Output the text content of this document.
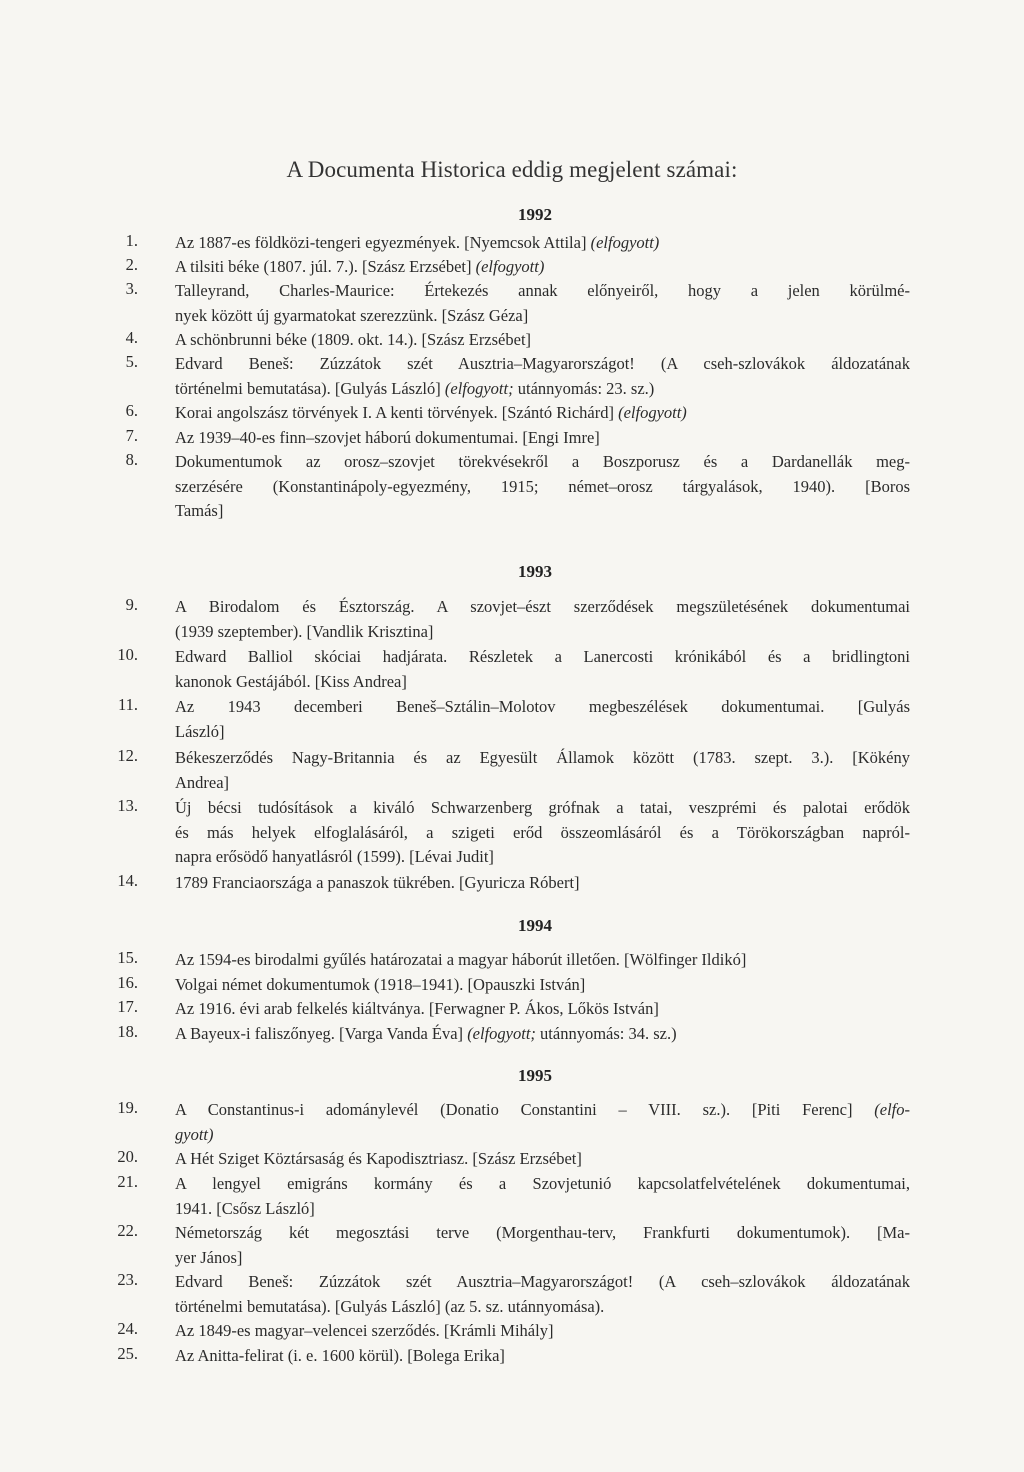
A Documenta Historica eddig megjelent számai:
1992
1. Az 1887-es földközi-tengeri egyezmények. [Nyemcsok Attila] (elfogyott)
2. A tilsiti béke (1807. júl. 7.). [Szász Erzsébet] (elfogyott)
3. Talleyrand, Charles-Maurice: Értekezés annak előnyeiről, hogy a jelen körülmé-
nyek között új gyarmatokat szerezzünk. [Szász Géza]
4. A schönbrunni béke (1809. okt. 14.). [Szász Erzsébet]
5. Edvard Beneš: Zúzzátok szét Ausztria–Magyarországot! (A cseh-szlovákok áldozatának
történelmi bemutatása). [Gulyás László] (elfogyott; utánnyomás: 23. sz.)
6. Korai angolszász törvények I. A kenti törvények. [Szántó Richárd] (elfogyott)
7. Az 1939–40-es finn–szovjet háború dokumentumai. [Engi Imre]
8. Dokumentumok az orosz–szovjet törekvésekről a Boszporusz és a Dardanellák meg-
szerzésére (Konstantinápoly-egyezmény, 1915; német–orosz tárgyalások, 1940). [Boros
Tamás]
1993
9. A Birodalom és Észtország. A szovjet–észt szerződések megszületésének dokumentumai
(1939 szeptember). [Vandlik Krisztina]
10. Edward Balliol skóciai hadjárata. Részletek a Lanercosti krónikából és a bridlingtoni
kanonok Gestájából. [Kiss Andrea]
11. Az 1943 decemberi Beneš–Sztálin–Molotov megbeszélések dokumentumai. [Gulyás
László]
12. Békeszerződés Nagy-Britannia és az Egyesült Államok között (1783. szept. 3.). [Kökény
Andrea]
13. Új bécsi tudósítások a kiváló Schwarzenberg grófnak a tatai, veszprémi és palotai erődök
és más helyek elfoglalásáról, a szigeti erőd összeomlásáról és a Törökországban napról-
napra erősödő hanyatlásról (1599). [Lévai Judit]
14. 1789 Franciaországa a panaszok tükrében. [Gyuricza Róbert]
1994
15. Az 1594-es birodalmi gyűlés határozatai a magyar háborút illetően. [Wölfinger Ildikó]
16. Volgai német dokumentumok (1918–1941). [Opauszki István]
17. Az 1916. évi arab felkelés kiáltványa. [Ferwagner P. Ákos, Lőkös István]
18. A Bayeux-i faliszőnyeg. [Varga Vanda Éva] (elfogyott; utánnyomás: 34. sz.)
1995
19. A Constantinus-i adománylevél (Donatio Constantini – VIII. sz.). [Piti Ferenc] (elfo-
gyott)
20. A Hét Sziget Köztársaság és Kapodisztriasz. [Szász Erzsébet]
21. A lengyel emigráns kormány és a Szovjetunió kapcsolatfelvételének dokumentumai,
1941. [Csősz László]
22. Németország két megosztási terve (Morgenthau-terv, Frankfurti dokumentumok). [Ma-
yer János]
23. Edvard Beneš: Zúzzátok szét Ausztria–Magyarországot! (A cseh–szlovákok áldozatának
történelmi bemutatása). [Gulyás László] (az 5. sz. utánnyomása).
24. Az 1849-es magyar–velencei szerződés. [Krámli Mihály]
25. Az Anitta-felirat (i. e. 1600 körül). [Bolega Erika]
